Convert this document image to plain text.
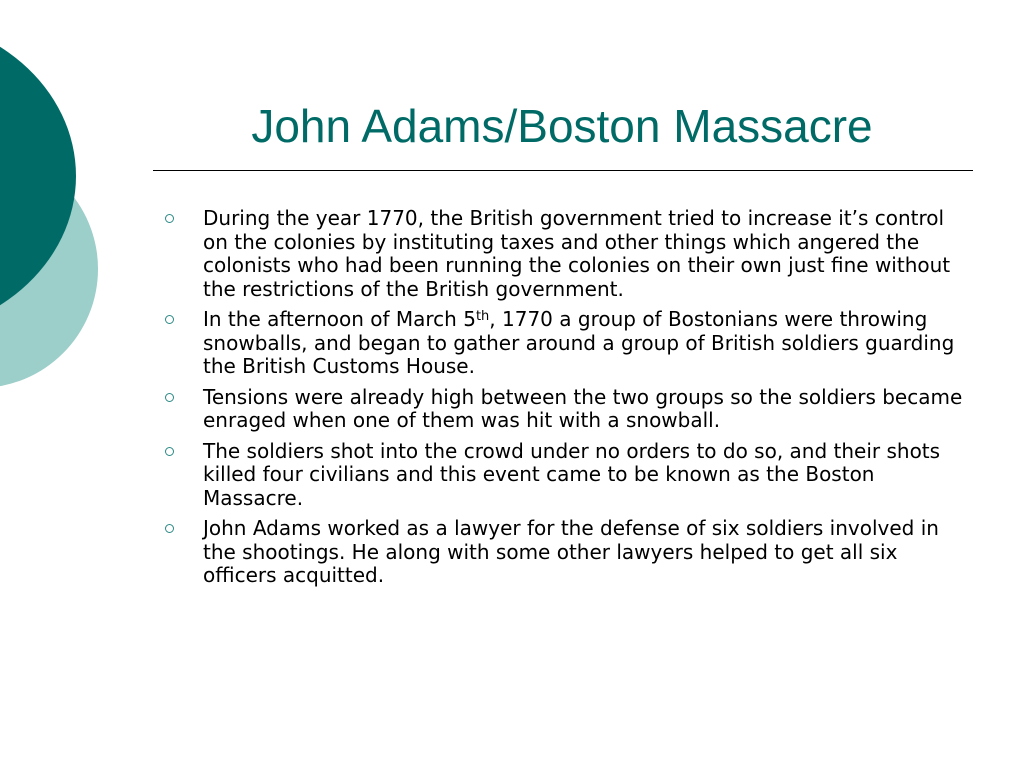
John Adams/Boston Massacre
During the year 1770, the British government tried to increase it’s control on the colonies by instituting taxes and other things which angered the colonists who had been running the colonies on their own just fine without the restrictions of the British government.
In the afternoon of March 5th, 1770 a group of Bostonians were throwing snowballs, and began to gather around a group of British soldiers guarding the British Customs House.
Tensions were already high between the two groups so the soldiers became enraged when one of them was hit with a snowball.
The soldiers shot into the crowd under no orders to do so, and their shots killed four civilians and this event came to be known as the Boston Massacre.
John Adams worked as a lawyer for the defense of six soldiers involved in the shootings. He along with some other lawyers helped to get all six officers acquitted.
